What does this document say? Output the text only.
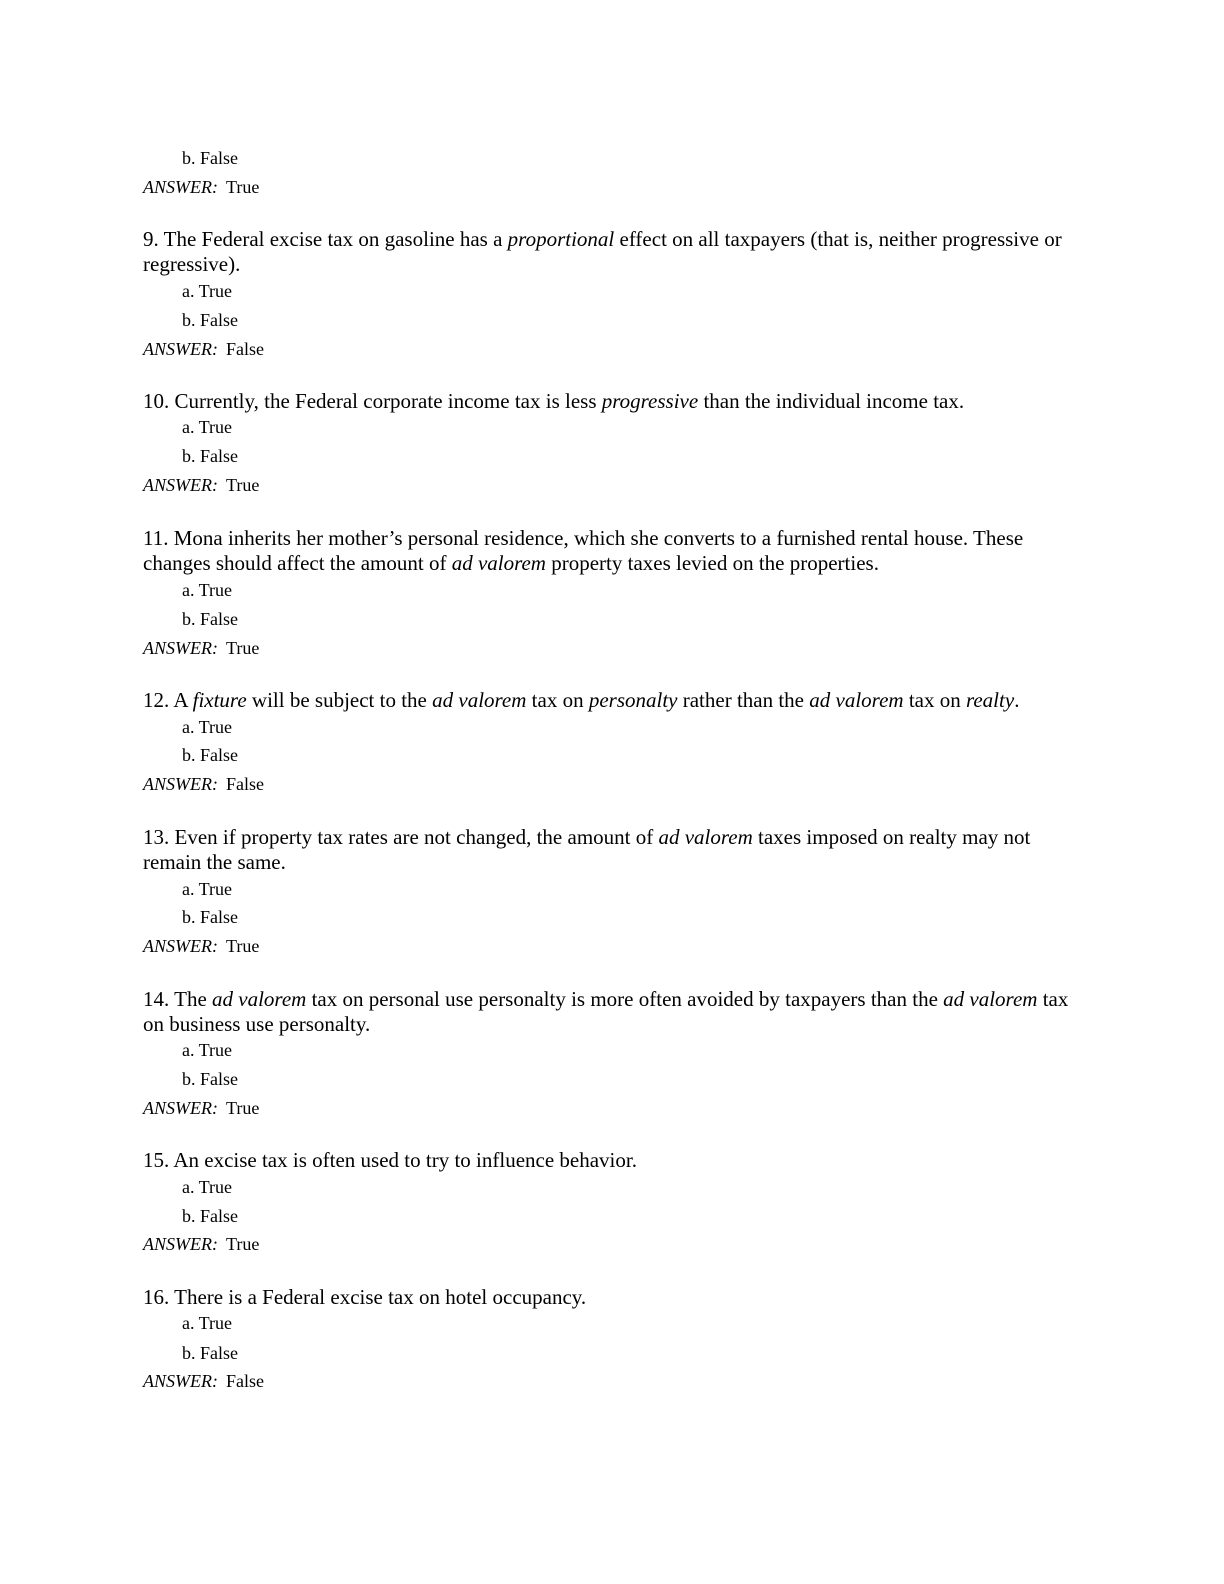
b. False
ANSWER: True
9. The Federal excise tax on gasoline has a proportional effect on all taxpayers (that is, neither progressive or regressive).
a. True
b. False
ANSWER: False
10. Currently, the Federal corporate income tax is less progressive than the individual income tax.
a. True
b. False
ANSWER: True
11. Mona inherits her mother’s personal residence, which she converts to a furnished rental house. These changes should affect the amount of ad valorem property taxes levied on the properties.
a. True
b. False
ANSWER: True
12. A fixture will be subject to the ad valorem tax on personalty rather than the ad valorem tax on realty.
a. True
b. False
ANSWER: False
13. Even if property tax rates are not changed, the amount of ad valorem taxes imposed on realty may not remain the same.
a. True
b. False
ANSWER: True
14. The ad valorem tax on personal use personalty is more often avoided by taxpayers than the ad valorem tax on business use personalty.
a. True
b. False
ANSWER: True
15. An excise tax is often used to try to influence behavior.
a. True
b. False
ANSWER: True
16. There is a Federal excise tax on hotel occupancy.
a. True
b. False
ANSWER: False
